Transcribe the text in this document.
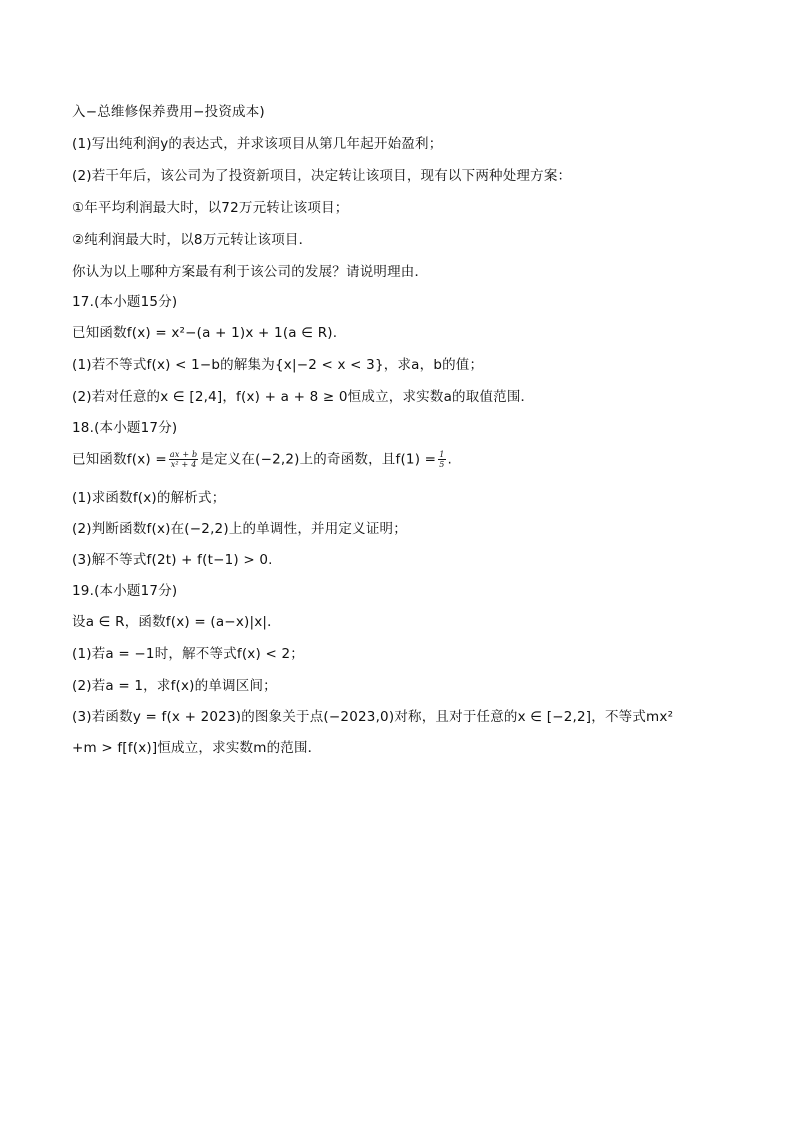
入−总维修保养费用−投资成本)
(1)写出纯利润y的表达式，并求该项目从第几年起开始盈利；
(2)若干年后，该公司为了投资新项目，决定转让该项目，现有以下两种处理方案：
①年平均利润最大时，以72万元转让该项目；
②纯利润最大时，以8万元转让该项目．
你认为以上哪种方案最有利于该公司的发展？请说明理由．
17.(本小题15分)
已知函数f(x) = x²−(a + 1)x + 1(a ∈ R).
(1)若不等式f(x) < 1−b的解集为{x|−2 < x < 3}，求a，b的值；
(2)若对任意的x ∈ [2,4]，f(x) + a + 8 ≥ 0恒成立，求实数a的取值范围．
18.(本小题17分)
已知函数$f(x) = \frac{ax + b}{\text{x² + 4}}$ 是定义在(−2,2)上的奇函数，且$f(1) = \frac{1}{5}$ .
(1)求函数f(x)的解析式；
(2)判断函数f(x)在(−2,2)上的单调性，并用定义证明；
(3)解不等式f(2t) + f(t−1) > 0.
19.(本小题17分)
设a ∈ R，函数f(x) = (a−x)|x|．
(1)若a = −1时，解不等式f(x) < 2；
(2)若a = 1，求f(x)的单调区间；
(3)若函数y = f(x + 2023)的图象关于点(−2023,0)对称，且对于任意的x ∈ [−2,2]，不等式mx²
+m > f[f(x)]恒成立，求实数m的范围．
